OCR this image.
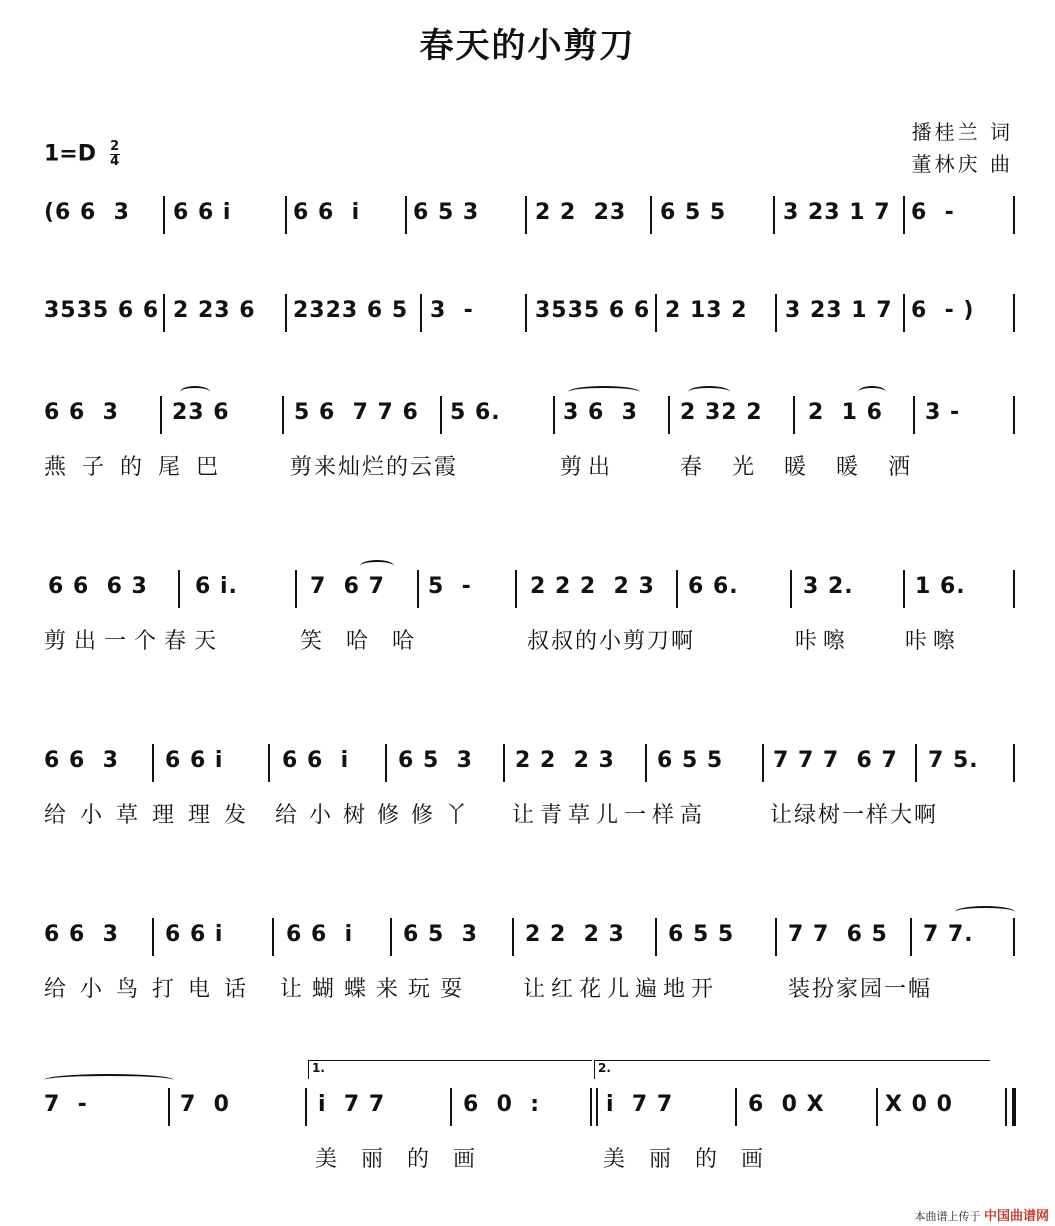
春天的小剪刀
播桂兰 词
董林庆 曲
$1=D \frac{2}{4}$
(6 6  3 6 6 i	6 6  i 6 5 3	2 2  23 6 5 5	3 23 1 7 6  -
3535 6 6 2 23 6 2323 6 5 3  -	3535 6 6 2 13 2 3 23 1 7 6  - )
6 6  3 23 6	5 6  7 7 6 5 6.	3 6  3 2 32 2 2  1 6 3 -
燕子的尾巴	剪来灿烂的云霞	剪出	春光暖暖洒
6 6  6 3 6 i.	7  6 7 5  -	2 2 2  2 3 6 6.	3 2.	1 6.
剪出一个春天	笑哈哈	叔叔的小剪刀啊	咔嚓 咔嚓
6 6  3 6 6 i	6 6  i 6 5  3 2 2  2 3 6 5 5 7 7 7  6 7 7 5.
给小草理理发 给小树修修丫 让青草儿一样高	让绿树一样大啊
6 6  3 6 6 i	6 6  i 6 5  3 2 2  2 3 6 5 5 7 7  6 5 7 7.
给小鸟打电话 让蝴蝶来玩耍 让红花儿遍地开	装扮家园一幅
1.	2.
7  -	7  0	i  7 7	6  0  :	i  7 7	6  0 X	X 0 0
美丽的画	美丽的画
本曲谱上传于 中国曲谱网
